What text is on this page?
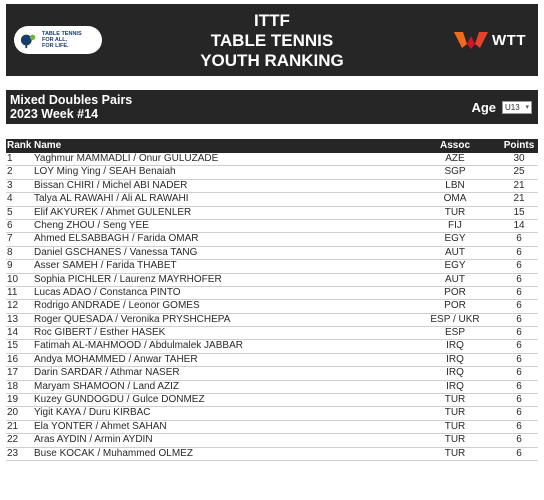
TABLE TENNIS
FOR ALL,
FOR LIFE.
ITTF
TABLE TENNIS
YOUTH RANKING
WTT
Mixed Doubles Pairs
2023 Week #14	Age U13 ▾
Rank Name	Assoc	Points
1 Yaghmur MAMMADLI / Onur GULUZADE	AZE	30
2 LOY Ming Ying / SEAH Benaiah	SGP	25
3 Bissan CHIRI / Michel ABI NADER	LBN	21
4 Talya AL RAWAHI / Ali AL RAWAHI	OMA	21
5 Elif AKYUREK / Ahmet GULENLER	TUR	15
6 Cheng ZHOU / Seng YEE	FIJ	14
7 Ahmed ELSABBAGH / Farida OMAR	EGY	6
8 Daniel GSCHANES / Vanessa TANG	AUT	6
9 Asser SAMEH / Farida THABET	EGY	6
10 Sophia PICHLER / Laurenz MAYRHOFER	AUT	6
11 Lucas ADAO / Constanca PINTO	POR	6
12 Rodrigo ANDRADE / Leonor GOMES	POR	6
13 Roger QUESADA / Veronika PRYSHCHEPA	ESP / UKR	6
14 Roc GIBERT / Esther HASEK	ESP	6
15 Fatimah AL-MAHMOOD / Abdulmalek JABBAR	IRQ	6
16 Andya MOHAMMED / Anwar TAHER	IRQ	6
17 Darin SARDAR / Athmar NASER	IRQ	6
18 Maryam SHAMOON / Land AZIZ	IRQ	6
19 Kuzey GUNDOGDU / Gulce DONMEZ	TUR	6
20 Yigit KAYA / Duru KIRBAC	TUR	6
21 Ela YONTER / Ahmet SAHAN	TUR	6
22 Aras AYDIN / Armin AYDIN	TUR	6
23 Buse KOCAK / Muhammed OLMEZ	TUR	6
